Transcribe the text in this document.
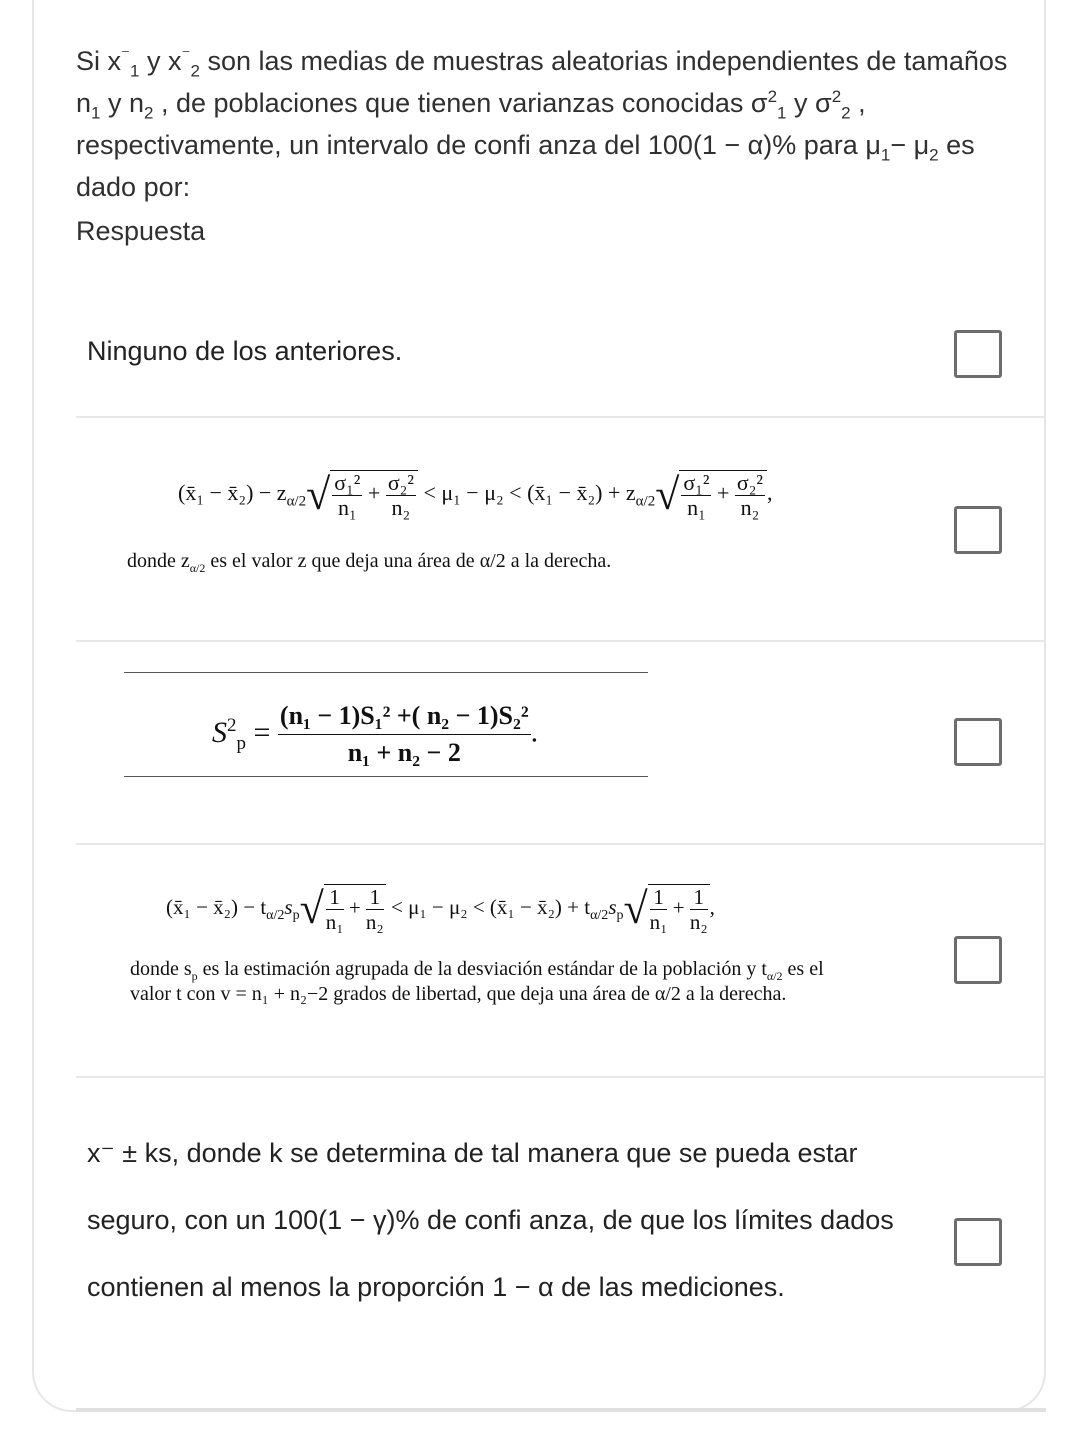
Si $x^{^-}_1$ y $x^{^-}_2$ son las medias de muestras aleatorias independientes de tamaños $n_1$ y $n_2$ , de poblaciones que tienen varianzas conocidas $\sigma^2_1$ y $\sigma^2_2$ , respectivamente, un intervalo de confi anza del 100(1 − α)% para $\mu_1- \mu_2$ es dado por:
Respuesta
Ninguno de los anteriores.
(x̄₁ − x̄₂) − $z_{\alpha/2}√ \frac{\text{σ₁²}}{\text{n₁}} + \frac{\text{σ₂²}}{\text{n₂}} < \mu_1 - \mu_2$ < (x̄₁ − x̄₂) + $z_{\alpha/2}√ \frac{\text{σ₁²}}{\text{n₁}} + \frac{\text{σ₂²}}{\text{n₂}}$ ,
donde $z_{\alpha/2}$ es el valor z que deja una área de α/2 a la derecha.
$S^2_p = \frac{\text{(n₁ − 1)S₁² +( n₂ − 1)S₂²}}{\text{n₁ + n₂ − 2}}$ .
(x̄₁ − x̄₂) − $t_{\alpha/2}s_p√ \frac{1}{\text{n₁}} + \frac{1}{\text{n₂}} < \mu_1 - \mu_2$ < (x̄₁ − x̄₂) + $t_{\alpha/2}s_p√ \frac{1}{\text{n₁}} + \frac{1}{\text{n₂}}$ ,
donde $s_p$ es la estimación agrupada de la desviación estándar de la población y $t_{\alpha/2}$ es el
valor t con v = n₁ + n₂−2 grados de libertad, que deja una área de α/2 a la derecha.
x⁻ ± ks, donde k se determina de tal manera que se pueda estar seguro, con un 100(1 − γ)% de confi anza, de que los límites dados contienen al menos la proporción 1 − α de las mediciones.
